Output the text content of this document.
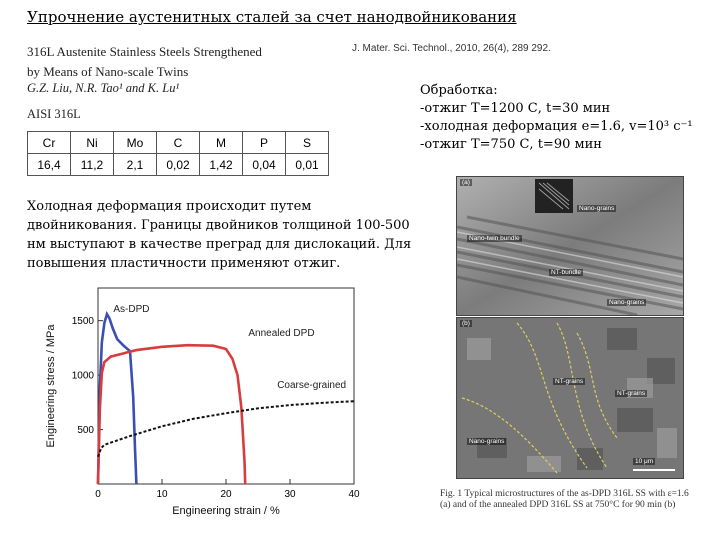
Упрочнение аустенитных сталей за счет нанодвойникования
316L Austenite Stainless Steels Strengthened
by Means of Nano-scale Twins
G.Z. Liu, N.R. Tao¹ and K. Lu¹
J. Mater. Sci. Technol., 2010, 26(4), 289 292.
AISI 316L
Cr	Ni	Mo	C	M	P	S
16,4	11,2	2,1	0,02	1,42	0,04	0,01
Обработка:
-отжиг Т=1200 С, t=30 мин
-холодная деформация e=1.6, v=10³ с⁻¹
-отжиг Т=750 С, t=90 мин
Холодная деформация происходит путем двойникования. Границы двойников толщиной 100-500 нм выступают в качестве преград для дислокаций. Для повышения пластичности применяют отжиг.
0	10	20	30	40
500
1000
1500
As-DPD
Annealed DPD
Coarse-grained
Engineering strain / %
Engineering stress / MPa
(a)
Nano-grains
Nano-twin bundle
NT-bundle
Nano-grains
(b)
Nano-grains
NT-grains
NT-grains
10 μm
Fig. 1 Typical microstructures of the as-DPD 316L SS with ε=1.6 (a) and of the annealed DPD 316L SS at 750°C for 90 min (b)
